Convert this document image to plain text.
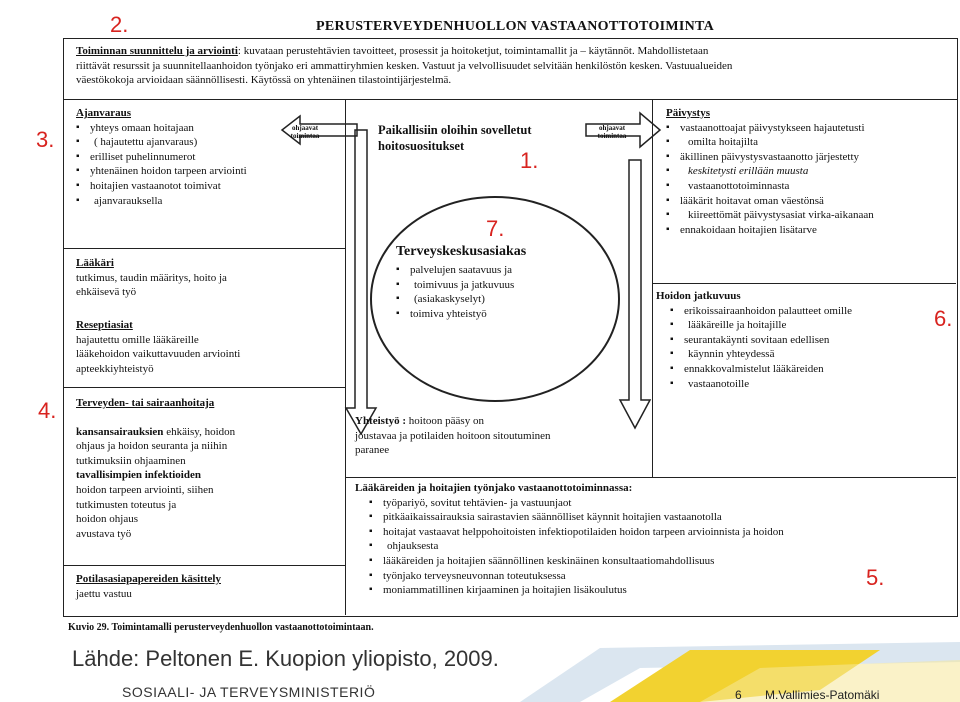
2.
3.
1.
7.
6.
4.
5.
PERUSTERVEYDENHUOLLON VASTAANOTTOTOIMINTA
Toiminnan suunnittelu ja arviointi: kuvataan perustehtävien tavoitteet, prosessit ja hoitoketjut, toimintamallit ja – käytännöt. Mahdollistetaan
riittävät resurssit ja suunnitellaanhoidon työnjako eri ammattiryhmien kesken. Vastuut ja velvollisuudet selvitään henkilöstön kesken. Vastuualueiden
väestökokoja arvioidaan säännöllisesti. Käytössä on yhtenäinen tilastointijärjestelmä.
Ajanvaraus
▪ yhteys omaan hoitajaan
▪ ( hajautettu ajanvaraus)
▪ erilliset puhelinnumerot
▪ yhtenäinen hoidon tarpeen arviointi
▪ hoitajien vastaanotot toimivat
▪ ajanvarauksella
Lääkäri
tutkimus, taudin määritys, hoito ja
ehkäisevä työ
Reseptiasiat
hajautettu omille lääkäreille
lääkehoidon vaikuttavuuden arviointi
apteekkiyhteistyö
Terveyden- tai sairaanhoitaja
kansansairauksien ehkäisy, hoidon
ohjaus ja hoidon seuranta ja niihin
tutkimuksiin ohjaaminen
tavallisimpien infektioiden
hoidon tarpeen arviointi, siihen
tutkimusten toteutus ja
hoidon ohjaus
avustava työ
Potilasasiapapereiden käsittely
jaettu vastuu
ohjaavat
toimintaa
ohjaavat
toimintaa
Paikallisiin oloihin sovelletut
hoitosuositukset
Terveyskeskusasiakas
▪ palvelujen saatavuus ja
▪ toimivuus ja jatkuvuus
▪ (asiakaskyselyt)
▪ toimiva yhteistyö
Yhteistyö : hoitoon pääsy on
joustavaa ja potilaiden hoitoon sitoutuminen
paranee
Päivystys
▪ vastaanottoajat päivystykseen hajautetusti
▪ omilta hoitajilta
▪ äkillinen päivystysvastaanotto järjestetty
▪ keskitetysti erillään muusta
▪ vastaanottotoiminnasta
▪ lääkärit hoitavat oman väestönsä
▪ kiireettömät päivystysasiat virka-aikanaan
▪ ennakoidaan hoitajien lisätarve
Hoidon jatkuvuus
▪ erikoissairaanhoidon palautteet omille
▪ lääkäreille ja hoitajille
▪ seurantakäynti sovitaan edellisen
▪ käynnin yhteydessä
▪ ennakkovalmistelut lääkäreiden
▪ vastaanotoille
Lääkäreiden ja hoitajien työnjako vastaanottotoiminnassa:
▪ työpariyö, sovitut tehtävien- ja vastuunjaot
▪ pitkäaikaissairauksia sairastavien säännölliset käynnit hoitajien vastaanotolla
▪ hoitajat vastaavat helppohoitoisten infektiopotilaiden hoidon tarpeen arvioinnista ja hoidon
▪ ohjauksesta
▪ lääkäreiden ja hoitajien säännöllinen keskinäinen konsultaatiomahdollisuus
▪ työnjako terveysneuvonnan toteutuksessa
▪ moniammatillinen kirjaaminen ja hoitajien lisäkoulutus
Kuvio 29. Toimintamalli perusterveydenhuollon vastaanottotoimintaan.
Lähde: Peltonen E. Kuopion yliopisto, 2009.
SOSIAALI- JA TERVEYSMINISTERIÖ	6 M.Vallimies-Patomäki
